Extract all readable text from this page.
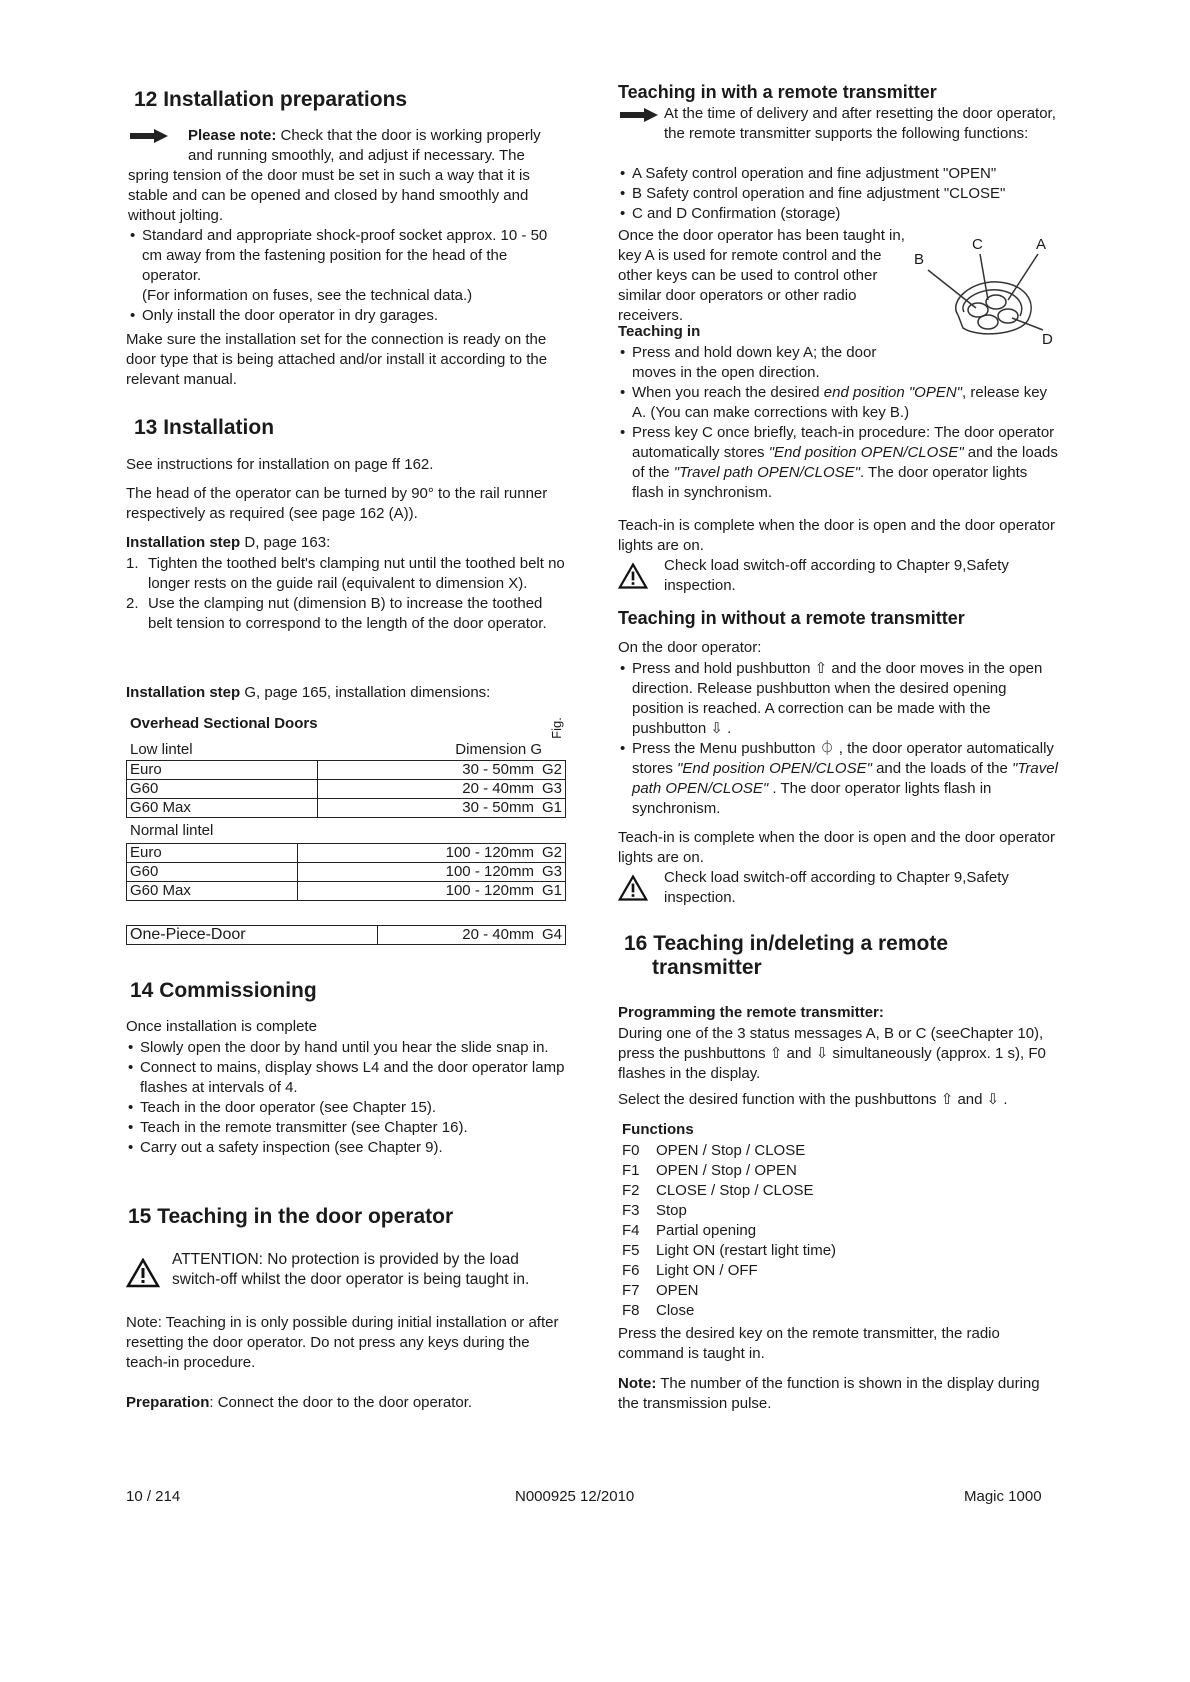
12 Installation preparations

Please note: Check that the door is working properly

and running smoothly, and adjust if necessary. The

spring tension of the door must be set in such a way that it is stable and can be opened and closed by hand smoothly and without jolting.

• Standard and appropriate shock-proof socket approx. 10 - 50 cm away from the fastening position for the head of the operator.
(For information on fuses, see the technical data.)
• Only install the door operator in dry garages.

Make sure the installation set for the connection is ready on the door type that is being attached and/or install it according to the relevant manual.

13 Installation

See instructions for installation on page ff 162.

The head of the operator can be turned by 90° to the rail runner respectively as required (see page 162 (A)).

Installation step D, page 163:

1. Tighten the toothed belt's clamping nut until the toothed belt no longer rests on the guide rail (equivalent to dimension X).
2. Use the clamping nut (dimension B) to increase the toothed belt tension to correspond to the length of the door operator.

Installation step G, page 165, installation dimensions:

Overhead Sectional Doors	Fig.
Low lintel	Dimension G
Euro	30 - 50mm	G2
G60	20 - 40mm	G3
G60 Max	30 - 50mm	G1
Normal lintel
Euro	100 - 120mm	G2
G60	100 - 120mm	G3
G60 Max	100 - 120mm	G1
One-Piece-Door	20 - 40mm	G4
14 Commissioning

Once installation is complete

• Slowly open the door by hand until you hear the slide snap in.
• Connect to mains, display shows L4 and the door operator lamp flashes at intervals of 4.
• Teach in the door operator (see Chapter 15).
• Teach in the remote transmitter (see Chapter 16).
• Carry out a safety inspection (see Chapter 9).
15 Teaching in the door operator

ATTENTION: No protection is provided by the load switch-off whilst the door operator is being taught in.

Note: Teaching in is only possible during initial installation or after resetting the door operator. Do not press any keys during the teach-in procedure.

Preparation: Connect the door to the door operator.

Teaching in with a remote transmitter

At the time of delivery and after resetting the door operator, the remote transmitter supports the following functions:

• A Safety control operation and fine adjustment "OPEN"
• B Safety control operation and fine adjustment "CLOSE"
• C and D Confirmation (storage)

Once the door operator has been taught in, key A is used for remote control and the other keys can be used to control other similar door operators or other radio receivers.

B
C	A
D

Teaching in

• Press and hold down key A; the door moves in the open direction.
• When you reach the desired end position "OPEN", release key A. (You can make corrections with key B.)
• Press key C once briefly, teach-in procedure: The door operator automatically stores "End position OPEN/CLOSE" and the loads of the "Travel path OPEN/CLOSE". The door operator lights flash in synchronism.

Teach-in is complete when the door is open and the door operator lights are on.

Check load switch-off according to Chapter 9,Safety inspection.

Teaching in without a remote transmitter

On the door operator:

• Press and hold pushbutton ⇧ and the door moves in the open direction. Release pushbutton when the desired opening position is reached. A correction can be made with the pushbutton ⇩ .
• Press the Menu pushbutton ⏀ , the door operator automatically stores "End position OPEN/CLOSE" and the loads of the "Travel path OPEN/CLOSE" . The door operator lights flash in synchronism.

Teach-in is complete when the door is open and the door operator lights are on.

Check load switch-off according to Chapter 9,Safety inspection.

16 Teaching in/deleting a remote
transmitter

Programming the remote transmitter:

During one of the 3 status messages A, B or C (seeChapter 10), press the pushbuttons ⇧ and ⇩ simultaneously (approx. 1 s), F0 flashes in the display.

Select the desired function with the pushbuttons ⇧ and ⇩ .

Functions

F0	OPEN / Stop / CLOSE
F1	OPEN / Stop / OPEN
F2	CLOSE / Stop / CLOSE
F3	Stop
F4	Partial opening
F5	Light ON (restart light time)
F6	Light ON / OFF
F7	OPEN
F8	Close

Press the desired key on the remote transmitter, the radio command is taught in.

Note: The number of the function is shown in the display during the transmission pulse.

10 / 214	N000925 12/2010	Magic 1000
